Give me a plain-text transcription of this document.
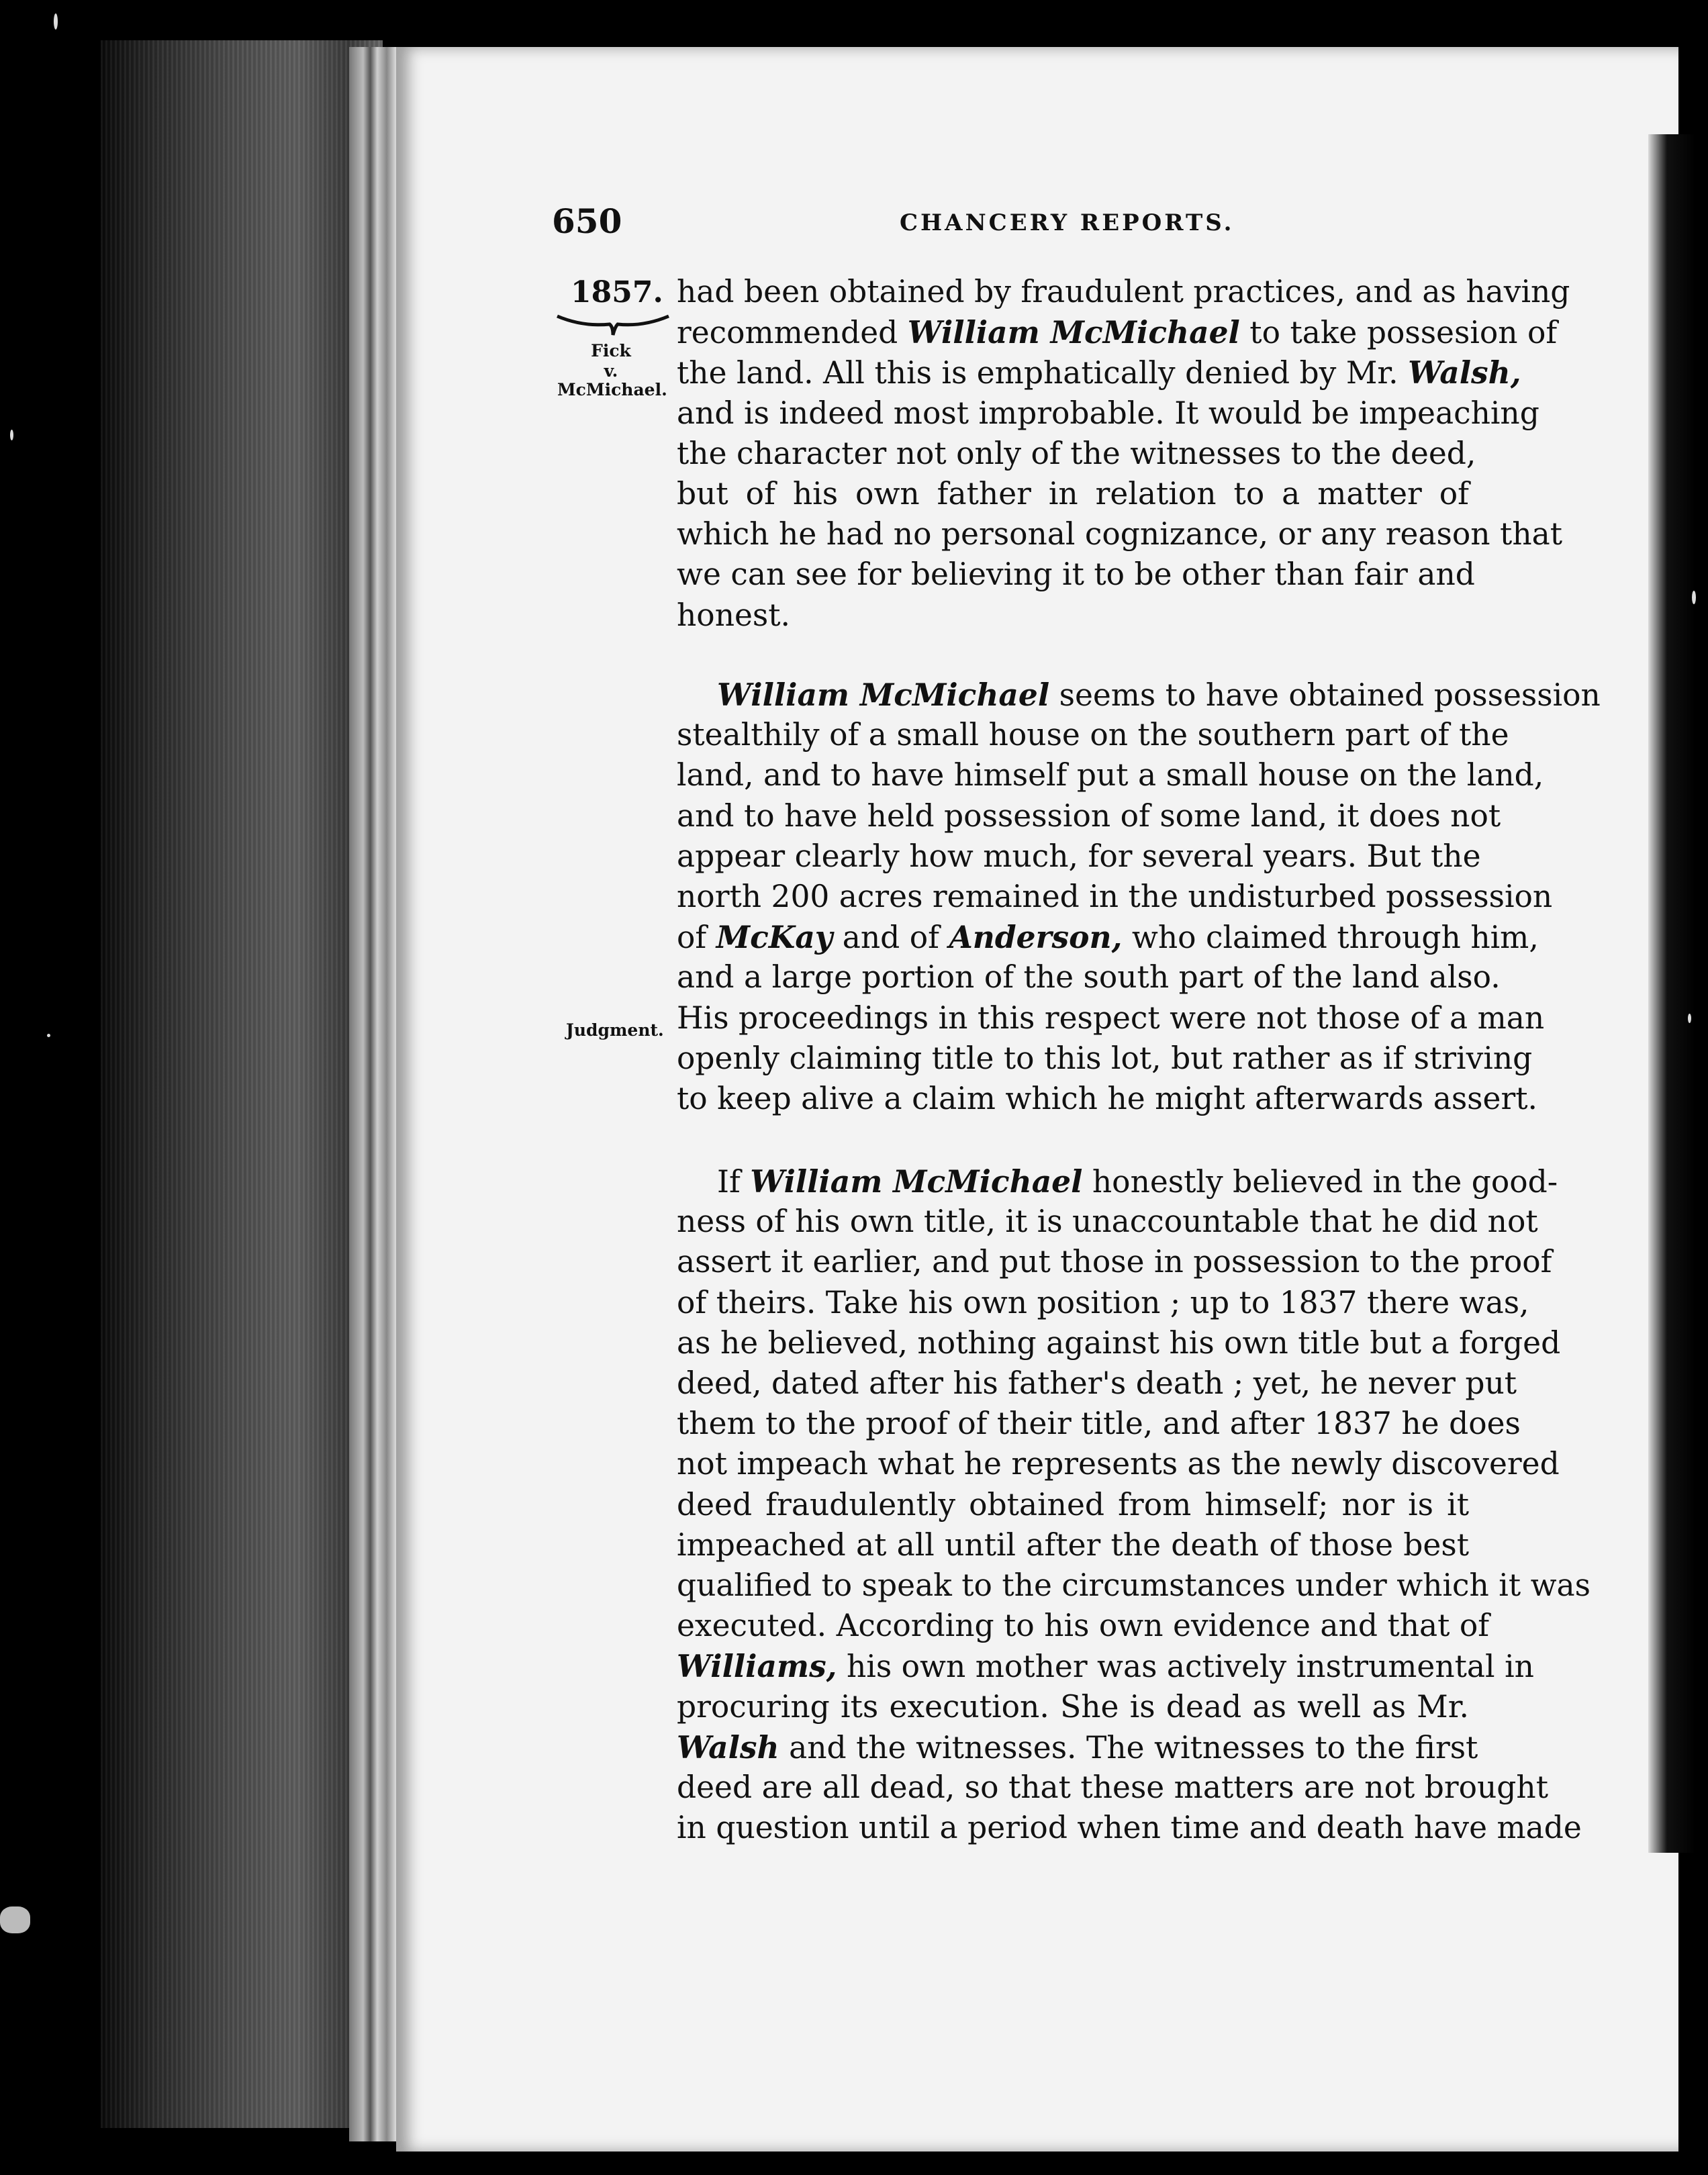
650	CHANCERY REPORTS.
1857.
Fick
v.
McMichael.
Judgment.
had been obtained by fraudulent practices, and as having
recommended William McMichael to take possesion of
the land. All this is emphatically denied by Mr. Walsh,
and is indeed most improbable. It would be impeaching
the character not only of the witnesses to the deed,
but of his own father in relation to a matter of
which he had no personal cognizance, or any reason that
we can see for believing it to be other than fair and
honest.
William McMichael seems to have obtained possession
stealthily of a small house on the southern part of the
land, and to have himself put a small house on the land,
and to have held possession of some land, it does not
appear clearly how much, for several years. But the
north 200 acres remained in the undisturbed possession
of McKay and of Anderson, who claimed through him,
and a large portion of the south part of the land also.
His proceedings in this respect were not those of a man
openly claiming title to this lot, but rather as if striving
to keep alive a claim which he might afterwards assert.
If William McMichael honestly believed in the good-
ness of his own title, it is unaccountable that he did not
assert it earlier, and put those in possession to the proof
of theirs. Take his own position ; up to 1837 there was,
as he believed, nothing against his own title but a forged
deed, dated after his father's death ; yet, he never put
them to the proof of their title, and after 1837 he does
not impeach what he represents as the newly discovered
deed fraudulently obtained from himself; nor is it
impeached at all until after the death of those best
qualified to speak to the circumstances under which it was
executed. According to his own evidence and that of
Williams, his own mother was actively instrumental in
procuring its execution. She is dead as well as Mr.
Walsh and the witnesses. The witnesses to the first
deed are all dead, so that these matters are not brought
in question until a period when time and death have made
